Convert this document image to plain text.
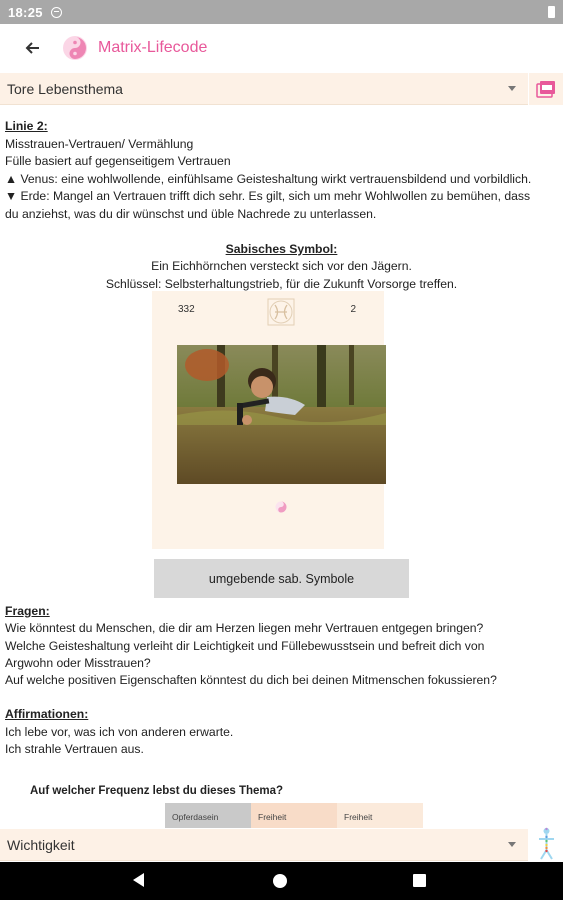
18:25
Matrix-Lifecode
Tore Lebensthema
Linie 2:
Misstrauen-Vertrauen/ Vermählung
Fülle basiert auf gegenseitigem Vertrauen
▲ Venus: eine wohlwollende, einfühlsame Geisteshaltung wirkt vertrauensbildend und vorbildlich.
▼ Erde: Mangel an Vertrauen trifft dich sehr. Es gilt, sich um mehr Wohlwollen zu bemühen, dass
du anziehst, was du dir wünschst und üble Nachrede zu unterlassen.
Sabisches Symbol:
Ein Eichhörnchen versteckt sich vor den Jägern.
Schlüssel: Selbsterhaltungstrieb, für die Zukunft Vorsorge treffen.
332	2
umgebende sab. Symbole
Fragen:
Wie könntest du Menschen, die dir am Herzen liegen mehr Vertrauen entgegen bringen?
Welche Geisteshaltung verleiht dir Leichtigkeit und Füllebewusstsein und befreit dich von
Argwohn oder Misstrauen?
Auf welche positiven Eigenschaften könntest du dich bei deinen Mitmenschen fokussieren?
Affirmationen:
Ich lebe vor, was ich von anderen erwarte.
Ich strahle Vertrauen aus.
Auf welcher Frequenz lebst du dieses Thema?
Opferdasein	Freiheit	Freiheit
Wichtigkeit
